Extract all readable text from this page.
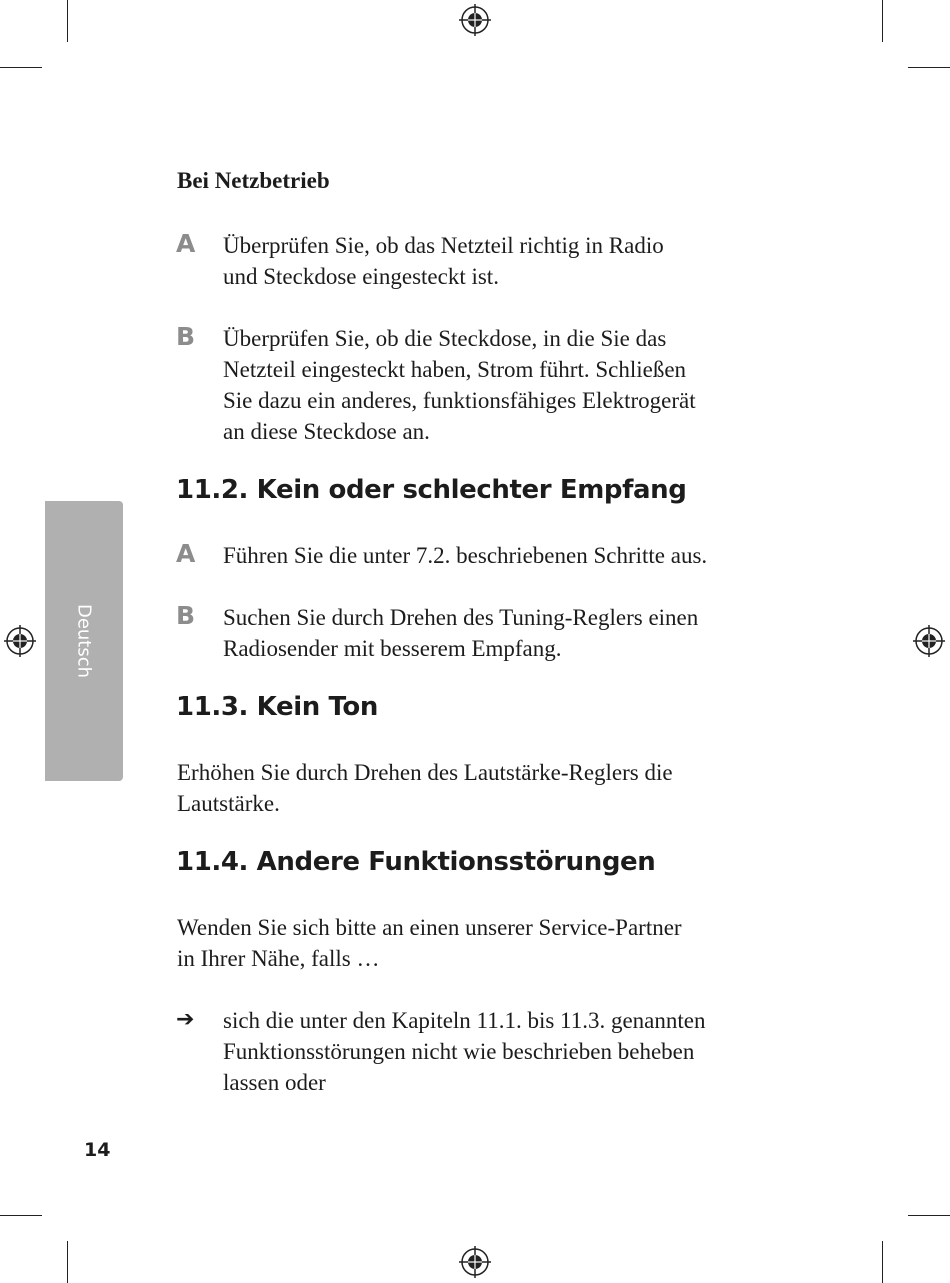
Deutsch
Bei Netzbetrieb
A Überprüfen Sie, ob das Netzteil richtig in Radio
und Steckdose eingesteckt ist.
B Überprüfen Sie, ob die Steckdose, in die Sie das
Netzteil eingesteckt haben, Strom führt. Schließen
Sie dazu ein anderes, funktionsfähiges Elektrogerät
an diese Steckdose an.
11.2. Kein oder schlechter Empfang
A Führen Sie die unter 7.2. beschriebenen Schritte aus.
B Suchen Sie durch Drehen des Tuning-Reglers einen
Radiosender mit besserem Empfang.
11.3. Kein Ton
Erhöhen Sie durch Drehen des Lautstärke-Reglers die
Lautstärke.
11.4. Andere Funktionsstörungen
Wenden Sie sich bitte an einen unserer Service-Partner
in Ihrer Nähe, falls …
➔ sich die unter den Kapiteln 11.1. bis 11.3. genannten
Funktionsstörungen nicht wie beschrieben beheben
lassen oder
14
